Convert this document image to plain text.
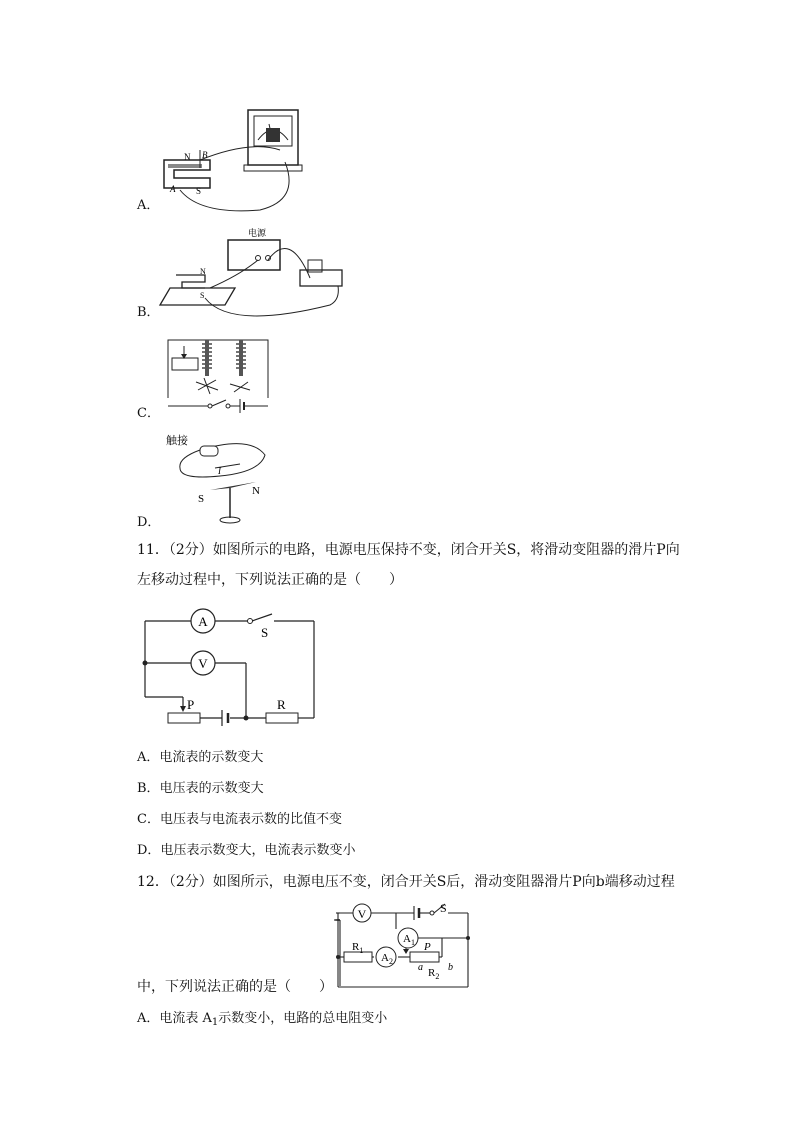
N
S
A
B
A．
电源
N
S
B．
C．
触接
I
S
N
D．
11．（2分）如图所示的电路，电源电压保持不变，闭合开关S，将滑动变阻器的滑片P向
左移动过程中，下列说法正确的是（　　）
A
V
S
P	R
A．电流表的示数变大
B．电压表的示数变大
C．电压表与电流表示数的比值不变
D．电压表示数变大，电流表示数变小
12．（2分）如图所示，电源电压不变，闭合开关S后，滑动变阻器滑片P向b端移动过程
V	S
$A_1$
$R_1$
$A_2$
P
$R_2$
a	b
中，下列说法正确的是（　　）
A．电流表 $A_1$示数变小，电路的总电阻变小
